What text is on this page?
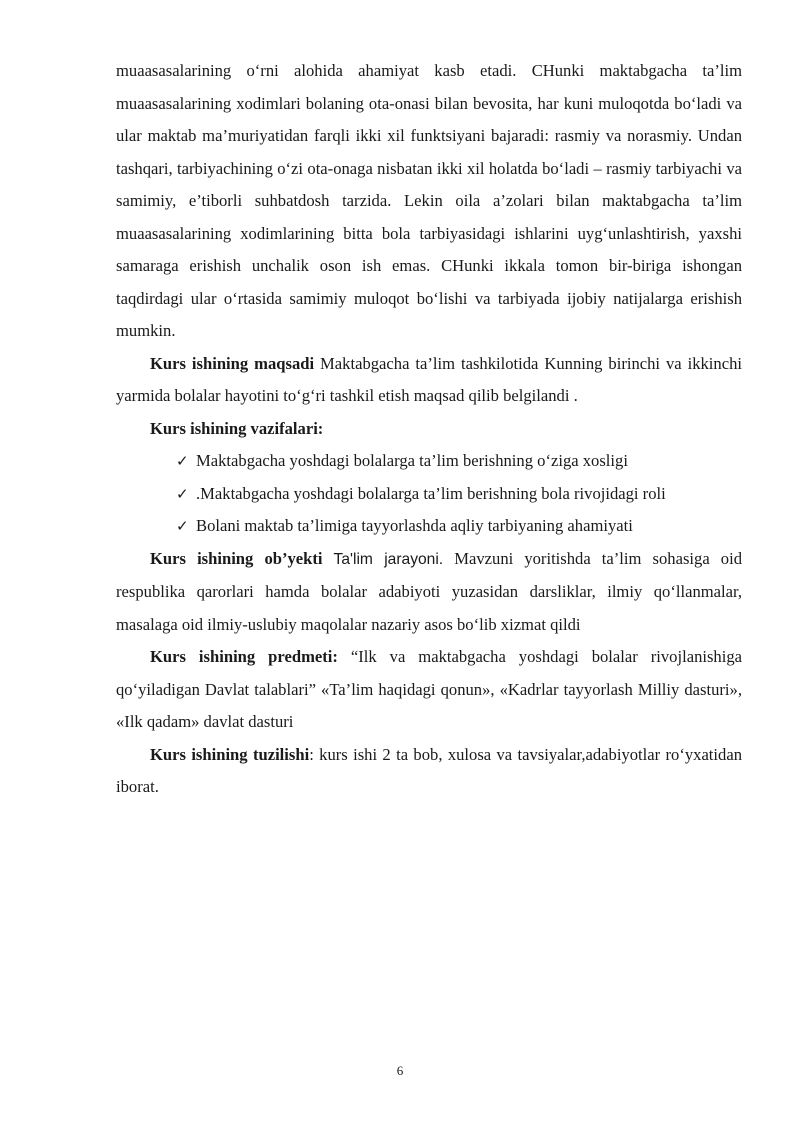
muaasasalarining o‘rni alohida ahamiyat kasb etadi. CHunki maktabgacha ta’lim muaasasalarining xodimlari bolaning ota-onasi bilan bevosita, har kuni muloqotda bo‘ladi va ular maktab ma’muriyatidan farqli ikki xil funktsiyani bajaradi: rasmiy va norasmiy. Undan tashqari, tarbiyachining o‘zi ota-onaga nisbatan ikki xil holatda bo‘ladi – rasmiy tarbiyachi va samimiy, e’tiborli suhbatdosh tarzida. Lekin oila a’zolari bilan maktabgacha ta’lim muaasasalarining xodimlarining bitta bola tarbiyasidagi ishlarini uyg‘unlashtirish, yaxshi samaraga erishish unchalik oson ish emas. CHunki ikkala tomon bir-biriga ishongan taqdirdagi ular o‘rtasida samimiy muloqot bo‘lishi va tarbiyada ijobiy natijalarga erishish mumkin.

Kurs ishining maqsadi Maktabgacha ta’lim tashkilotida Kunning birinchi va ikkinchi yarmida bolalar hayotini to‘g‘ri tashkil etish maqsad qilib belgilandi .

Kurs ishining vazifalari:

✓ Maktabgacha yoshdagi bolalarga ta’lim berishning o‘ziga xosligi
✓ .Maktabgacha yoshdagi bolalarga ta’lim berishning bola rivojidagi roli
✓ Bolani maktab ta’limiga tayyorlashda aqliy tarbiyaning ahamiyati

Kurs ishining ob’yekti Ta'lim jarayoni. Mavzuni yoritishda ta’lim sohasiga oid respublika qarorlari hamda bolalar adabiyoti yuzasidan darsliklar, ilmiy qo‘llanmalar, masalaga oid ilmiy-uslubiy maqolalar nazariy asos bo‘lib xizmat qildi

Kurs ishining predmeti: “Ilk va maktabgacha yoshdagi bolalar rivojlanishiga qo‘yiladigan Davlat talablari” «Ta’lim haqidagi qonun», «Kadrlar tayyorlash Milliy dasturi», «Ilk qadam» davlat dasturi

Kurs ishining tuzilishi: kurs ishi 2 ta bob, xulosa va tavsiyalar,adabiyotlar ro‘yxatidan iborat.

6
